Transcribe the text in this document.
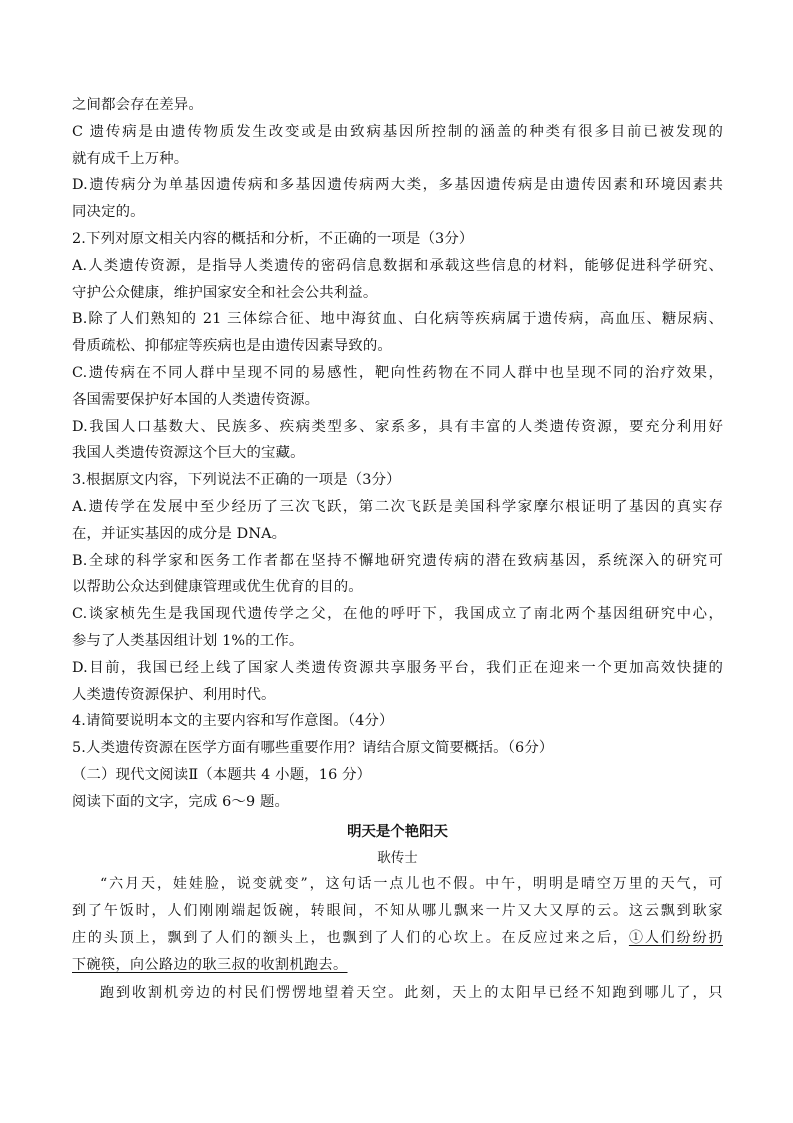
之间都会存在差异。
C 遗传病是由遗传物质发生改变或是由致病基因所控制的涵盖的种类有很多目前已被发现的
就有成千上万种。
D.遗传病分为单基因遗传病和多基因遗传病两大类，多基因遗传病是由遗传因素和环境因素共
同决定的。
2.下列对原文相关内容的概括和分析，不正确的一项是（3分）
A.人类遗传资源，是指导人类遗传的密码信息数据和承载这些信息的材料，能够促进科学研究、
守护公众健康，维护国家安全和社会公共利益。
B.除了人们熟知的 21 三体综合征、地中海贫血、白化病等疾病属于遗传病，高血压、糖尿病、
骨质疏松、抑郁症等疾病也是由遗传因素导致的。
C.遗传病在不同人群中呈现不同的易感性，靶向性药物在不同人群中也呈现不同的治疗效果，
各国需要保护好本国的人类遗传资源。
D.我国人口基数大、民族多、疾病类型多、家系多，具有丰富的人类遗传资源，要充分利用好
我国人类遗传资源这个巨大的宝藏。
3.根据原文内容，下列说法不正确的一项是（3分）
A.遗传学在发展中至少经历了三次飞跃，第二次飞跃是美国科学家摩尔根证明了基因的真实存
在，并证实基因的成分是 DNA。
B.全球的科学家和医务工作者都在坚持不懈地研究遗传病的潜在致病基因，系统深入的研究可
以帮助公众达到健康管理或优生优育的目的。
C.谈家桢先生是我国现代遗传学之父，在他的呼吁下，我国成立了南北两个基因组研究中心，
参与了人类基因组计划 1%的工作。
D.目前，我国已经上线了国家人类遗传资源共享服务平台，我们正在迎来一个更加高效快捷的
人类遗传资源保护、利用时代。
4.请简要说明本文的主要内容和写作意图。（4分）
5.人类遗传资源在医学方面有哪些重要作用？请结合原文简要概括。（6分）
（二）现代文阅读Ⅱ（本题共 4 小题，16 分）
阅读下面的文字，完成 6～9 题。
明天是个艳阳天
耿传士
“六月天，娃娃脸，说变就变”，这句话一点儿也不假。中午，明明是晴空万里的天气，可
到了午饭时，人们刚刚端起饭碗，转眼间，不知从哪儿飘来一片又大又厚的云。这云飘到耿家
庄的头顶上，飘到了人们的额头上，也飘到了人们的心坎上。在反应过来之后，①人们纷纷扔
下碗筷，向公路边的耿三叔的收割机跑去。
跑到收割机旁边的村民们愣愣地望着天空。此刻，天上的太阳早已经不知跑到哪儿了，只
